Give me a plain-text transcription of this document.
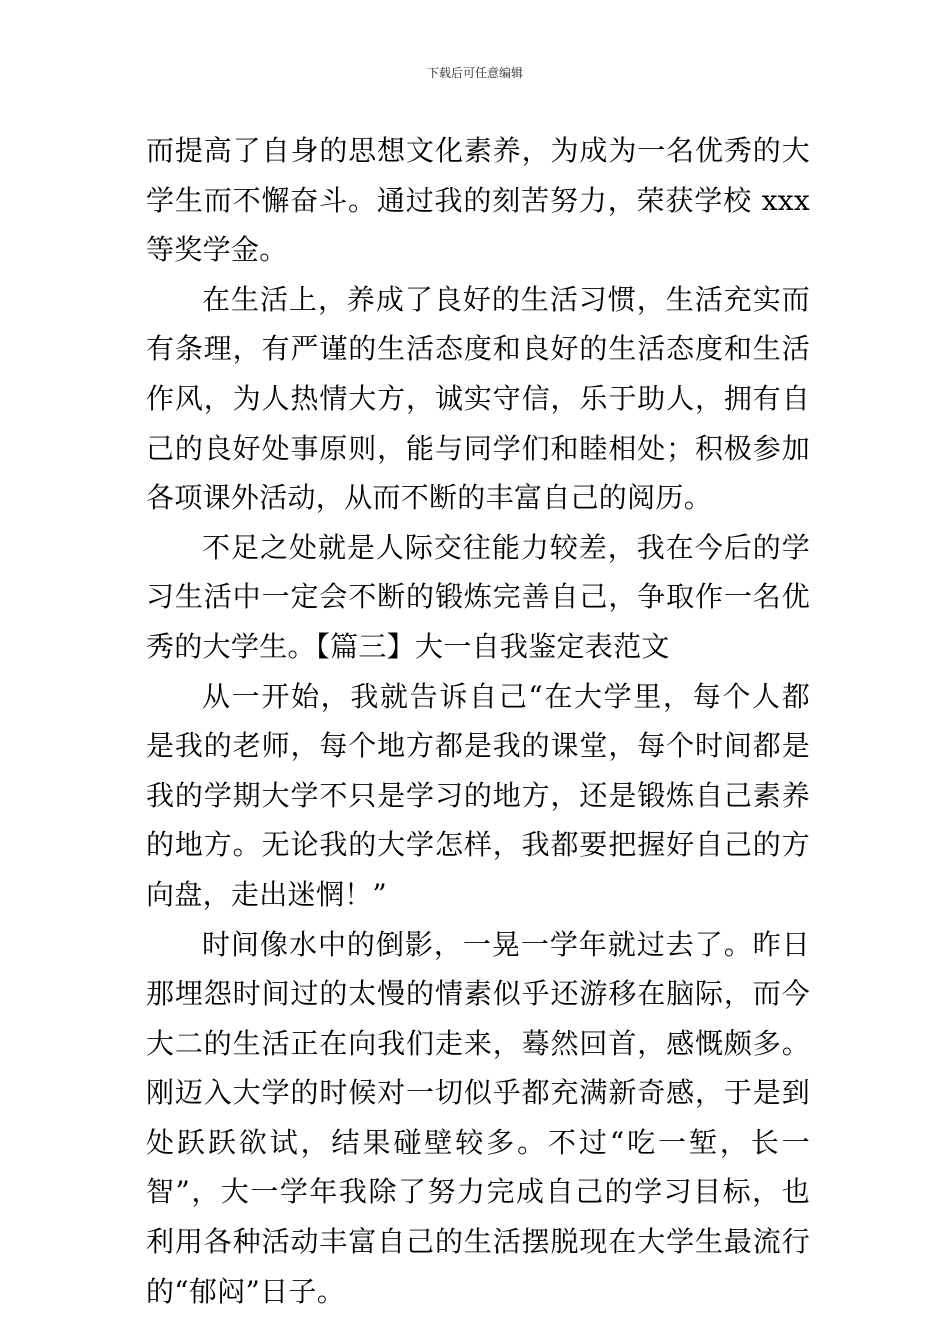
下载后可任意编辑

而提高了自身的思想文化素养，为成为一名优秀的大学生而不懈奋斗。通过我的刻苦努力，荣获学校 xxx 等奖学金。

在生活上，养成了良好的生活习惯，生活充实而有条理，有严谨的生活态度和良好的生活态度和生活作风，为人热情大方，诚实守信，乐于助人，拥有自己的良好处事原则，能与同学们和睦相处；积极参加各项课外活动，从而不断的丰富自己的阅历。

不足之处就是人际交往能力较差，我在今后的学习生活中一定会不断的锻炼完善自己，争取作一名优秀的大学生。【篇三】大一自我鉴定表范文

从一开始，我就告诉自己“在大学里，每个人都是我的老师，每个地方都是我的课堂，每个时间都是我的学期大学不只是学习的地方，还是锻炼自己素养的地方。无论我的大学怎样，我都要把握好自己的方向盘，走出迷惘！”

时间像水中的倒影，一晃一学年就过去了。昨日那埋怨时间过的太慢的情素似乎还游移在脑际，而今大二的生活正在向我们走来，蓦然回首，感慨颇多。刚迈入大学的时候对一切似乎都充满新奇感，于是到处跃跃欲试，结果碰壁较多。不过“吃一堑，长一智”，大一学年我除了努力完成自己的学习目标，也利用各种活动丰富自己的生活摆脱现在大学生最流行的“郁闷”日子。
